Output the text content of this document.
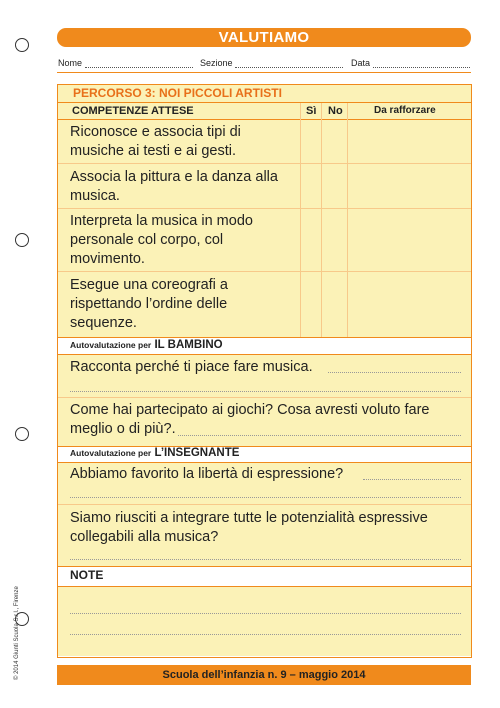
VALUTIAMO
Nome	Sezione	Data
PERCORSO 3: NOI PICCOLI ARTISTI
COMPETENZE ATTESE	Sì No	Da rafforzare
Riconosce e associa tipi di musiche ai testi e ai gesti.
Associa la pittura e la danza alla musica.
Interpreta la musica in modo personale col corpo, col movimento.
Esegue una coreografi a rispettando l’ordine delle sequenze.
Autovalutazione per IL BAMBINO
Racconta perché ti piace fare musica.
Come hai partecipato ai giochi? Cosa avresti voluto fare meglio o di più?.
Autovalutazione per L’INSEGNANTE
Abbiamo favorito la libertà di espressione?
Siamo riusciti a integrare tutte le potenzialità espressive collegabili alla musica?
NOTE
Scuola dell’infanzia n. 9 – maggio 2014
© 2014 Giunti Scuola S.r.l., Firenze
